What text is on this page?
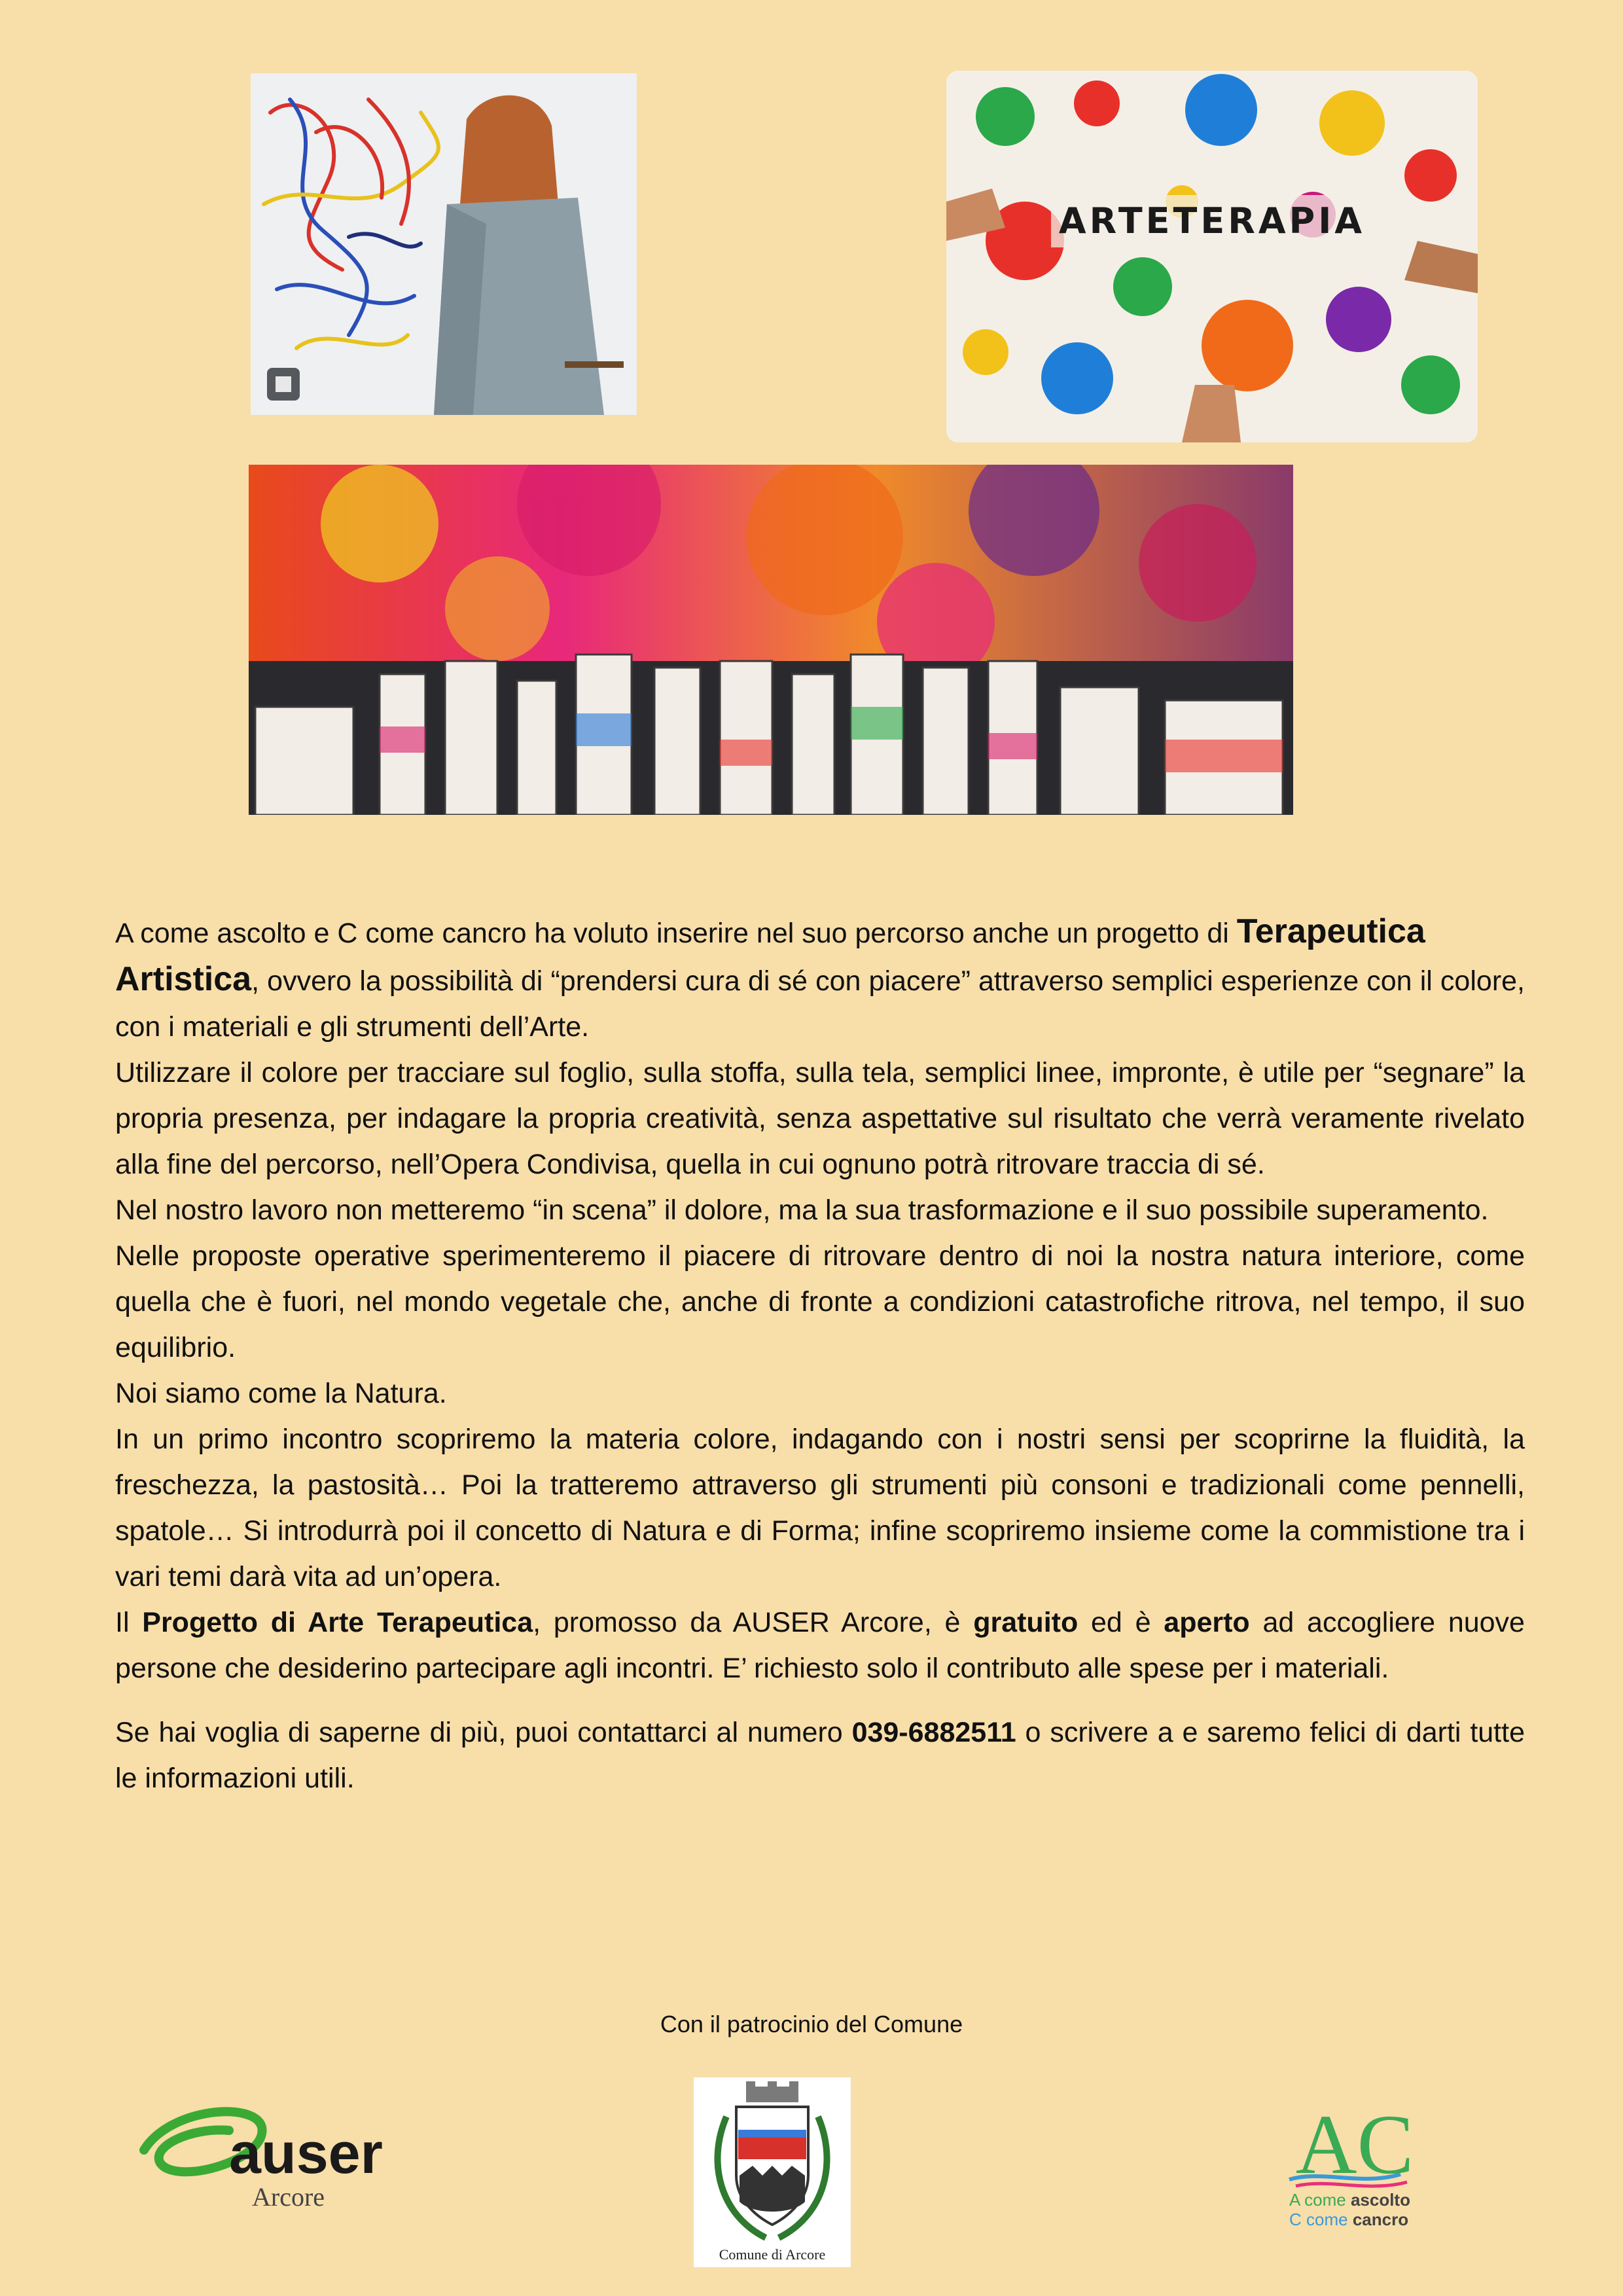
ARTETERAPIA

A come ascolto e C come cancro ha voluto inserire nel suo percorso anche un progetto di Terapeutica
Artistica, ovvero la possibilità di “prendersi cura di sé con piacere” attraverso semplici esperienze con il colore, con i materiali e gli strumenti dell’Arte.

Utilizzare il colore per tracciare sul foglio, sulla stoffa, sulla tela, semplici linee, impronte, è utile per “segnare” la propria presenza, per indagare la propria creatività, senza aspettative sul risultato che verrà veramente rivelato alla fine del percorso, nell’Opera Condivisa, quella in cui ognuno potrà ritrovare traccia di sé.

Nel nostro lavoro non metteremo “in scena” il dolore, ma la sua trasformazione e il suo possibile superamento.

Nelle proposte operative sperimenteremo il piacere di ritrovare dentro di noi la nostra natura interiore, come quella che è fuori, nel mondo vegetale che, anche di fronte a condizioni catastrofiche ritrova, nel tempo, il suo equilibrio.

Noi siamo come la Natura.

In un primo incontro scopriremo la materia colore, indagando con i nostri sensi per scoprirne la fluidità, la freschezza, la pastosità… Poi la tratteremo attraverso gli strumenti più consoni e tradizionali come pennelli, spatole… Si introdurrà poi il concetto di Natura e di Forma; infine scopriremo insieme come la commistione tra i vari temi darà vita ad un’opera.

Il Progetto di Arte Terapeutica, promosso da AUSER Arcore, è gratuito ed è aperto ad accogliere nuove persone che desiderino partecipare agli incontri. E’ richiesto solo il contributo alle spese per i materiali.

Se hai voglia di saperne di più, puoi contattarci al numero 039-6882511 o scrivere a e saremo felici di darti tutte le informazioni utili.

Con il patrocinio del Comune
auser
Arcore
Comune di Arcore
AC
A come ascolto
C come cancro
